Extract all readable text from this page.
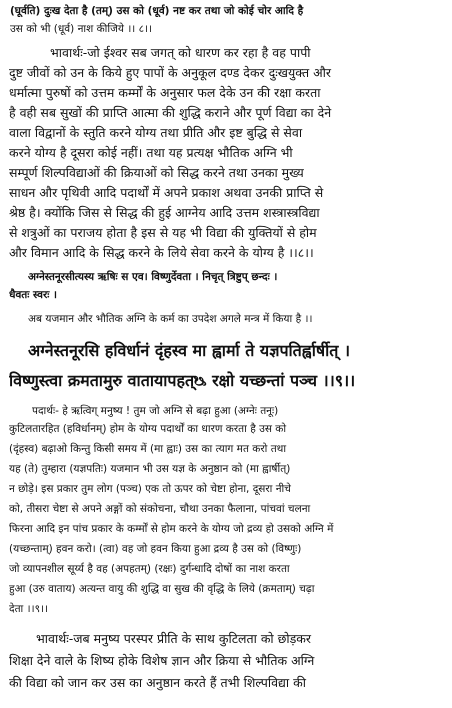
(घूर्वति) दुःख देता है (तम्) उस को (धूर्व) नष्ट कर तथा जो कोई चोर आदि है
उस को भी (धूर्व) नाश कीजिये ।। ८।।
भावार्थः-जो ईश्वर सब जगत् को धारण कर रहा है वह पापी
दुष्ट जीवों को उन के किये हुए पापों के अनुकूल दण्ड देकर दुःखयुक्त और
धर्मात्मा पुरुषों को उत्तम कर्म्मों के अनुसार फल देके उन की रक्षा करता
है वही सब सुखों की प्राप्ति आत्मा की शुद्धि कराने और पूर्ण विद्या का देने
वाला विद्वानों के स्तुति करने योग्य तथा प्रीति और इष्ट बुद्धि से सेवा
करने योग्य है दूसरा कोई नहीं। तथा यह प्रत्यक्ष भौतिक अग्नि भी
सम्पूर्ण शिल्पविद्याओं की क्रियाओं को सिद्ध करने तथा उनका मुख्य
साधन और पृथिवी आदि पदार्थों में अपने प्रकाश अथवा उनकी प्राप्ति से
श्रेष्ठ है। क्योंकि जिस से सिद्ध की हुई आग्नेय आदि उत्तम शस्त्रास्त्रविद्या
से शत्रुओं का पराजय होता है इस से यह भी विद्या की युक्तियों से होम
और विमान आदि के सिद्ध करने के लिये सेवा करने के योग्य है ।।८।।
अग्नेस्तनूरसीत्यस्य ऋषिः स एव। विष्णुर्देवता । निचृत् त्रिष्टुप् छन्दः ।
धैवतः स्वरः ।
अब यजमान और भौतिक अग्नि के कर्म का उपदेश अगले मन्त्र में किया है ।।
अग्नेस्तनूरसि हविर्धानं दृंहस्व मा ह्वार्मा ते यज्ञपतिर्ह्वार्षीत् ।
विष्णुस्त्वा क्रमतामुरु वातायापहत्ᳬ रक्षो यच्छन्तां पञ्च ।।९।।
पदार्थः- हे ऋत्विग् मनुष्य ! तुम जो अग्नि से बढ़ा हुआ (अग्नेः तनूः)
कुटिलतारहित (हविर्धानम्) होम के योग्य पदार्थों का धारण करता है उस को
(दृंहस्व) बढ़ाओ किन्तु किसी समय में (मा ह्वाः) उस का त्याग मत करो तथा
यह (ते) तुम्हारा (यज्ञपतिः) यजमान भी उस यज्ञ के अनुष्ठान को (मा ह्वार्षीत्)
न छोड़े। इस प्रकार तुम लोग (पञ्च) एक तो ऊपर को चेष्टा होना, दूसरा नीचे
को, तीसरा चेष्टा से अपने अङ्गों को संकोचना, चौथा उनका फैलाना, पांचवां चलना
फिरना आदि इन पांच प्रकार के कर्म्मों से होम करने के योग्य जो द्रव्य हो उसको अग्नि में
(यच्छन्ताम्) हवन करो। (त्वा) वह जो हवन किया हुआ द्रव्य है उस को (विष्णुः)
जो व्यापनशील सूर्य्य है वह (अपहतम्) (रक्षः) दुर्गन्धादि दोषों का नाश करता
हुआ (उरु वाताय) अत्यन्त वायु की शुद्धि वा सुख की वृद्धि के लिये (क्रमताम्) चढ़ा
देता ।।९।।
भावार्थः-जब मनुष्य परस्पर प्रीति के साथ कुटिलता को छोड़कर
शिक्षा देने वाले के शिष्य होके विशेष ज्ञान और क्रिया से भौतिक अग्नि
की विद्या को जान कर उस का अनुष्ठान करते हैं तभी शिल्पविद्या की
